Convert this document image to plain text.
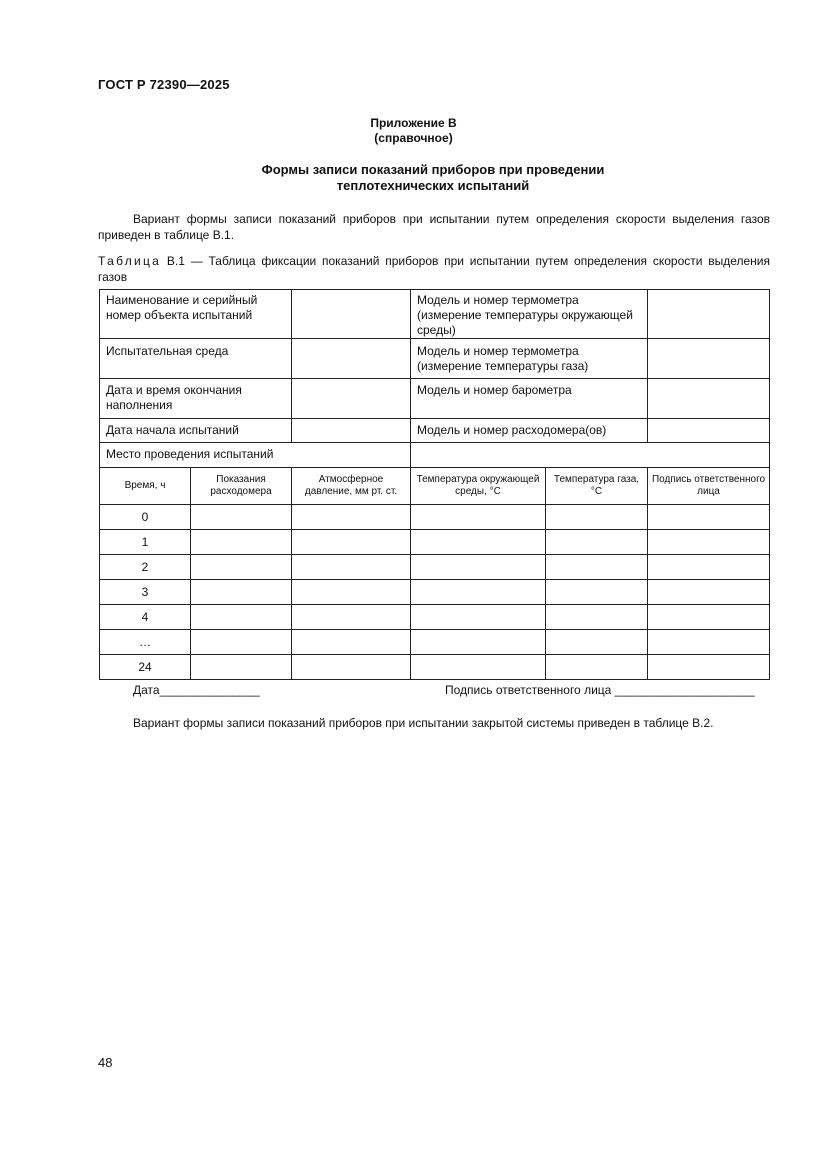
ГОСТ Р 72390—2025
Приложение В
(справочное)
Формы записи показаний приборов при проведении
теплотехнических испытаний
Вариант формы записи показаний приборов при испытании путем определения скорости выделения газов приведен в таблице В.1.
Таблица В.1 — Таблица фиксации показаний приборов при испытании путем определения скорости выделения газов
Наименование и серийный номер объекта испытаний			Модель и номер термометра (измерение температуры окружающей среды)		
Испытательная среда			Модель и номер термометра (измерение температуры газа)		
Дата и время окончания наполнения			Модель и номер барометра		
Дата начала испытаний			Модель и номер расходомера(ов)		
Место проведения испытаний					
Время, ч	Показания расходомера	Атмосферное давление, мм рт. ст.	Температура окружающей среды, °С	Температура газа, °С	Подпись ответственного лица
0					
1					
2					
3					
4					
…					
24					
Дата_______________	Подпись ответственного лица _____________________
Вариант формы записи показаний приборов при испытании закрытой системы приведен в таблице В.2.
48
